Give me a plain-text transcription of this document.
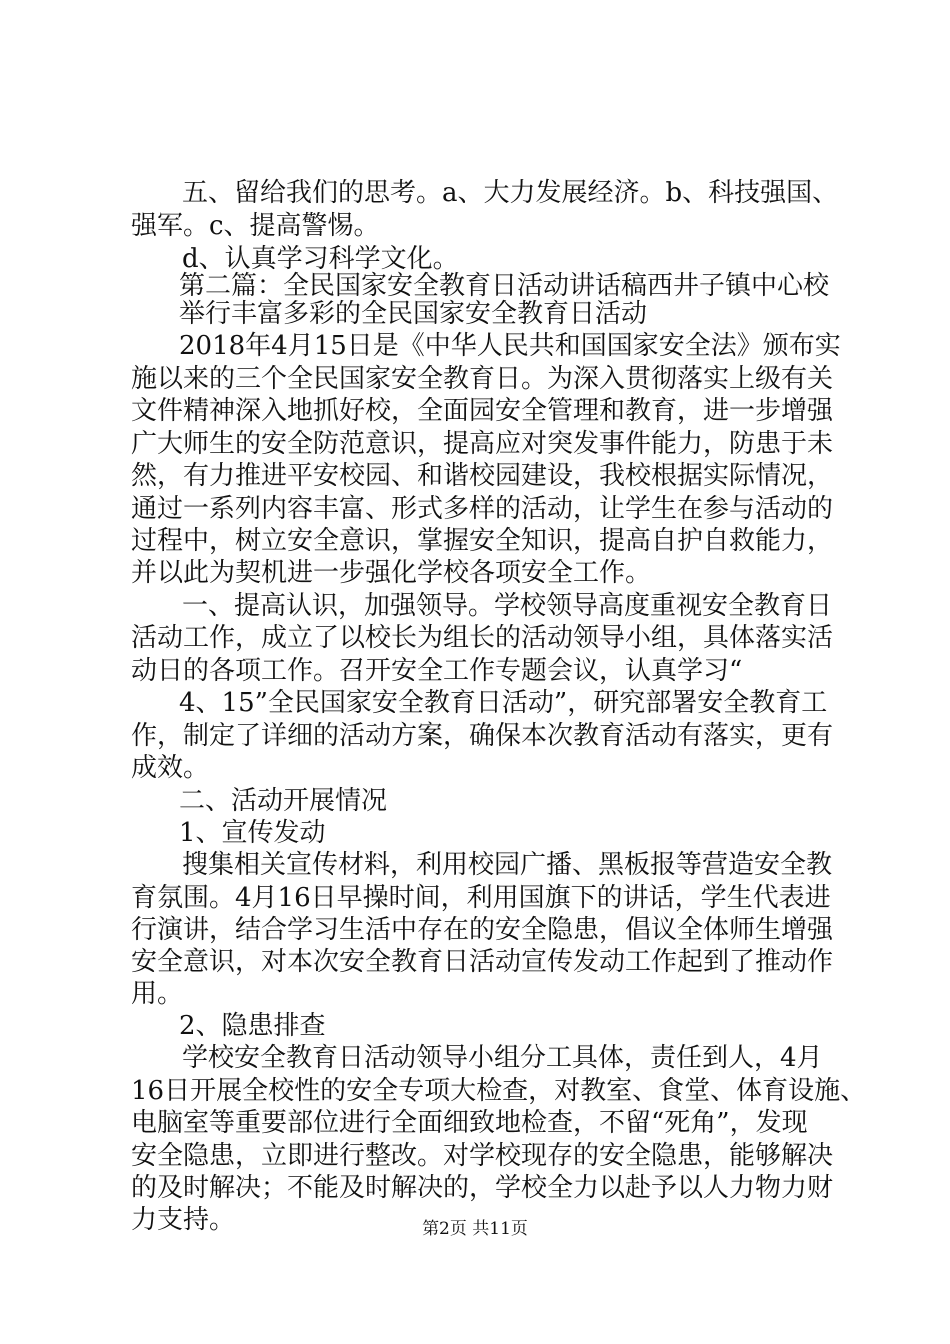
五、留给我们的思考。a、大力发展经济。b、科技强国、
强军。c、提高警惕。
d、认真学习科学文化。
第二篇：全民国家安全教育日活动讲话稿西井子镇中心校
举行丰富多彩的全民国家安全教育日活动
2018年4月15日是《中华人民共和国国家安全法》颁布实
施以来的三个全民国家安全教育日。为深入贯彻落实上级有关
文件精神深入地抓好校，全面园安全管理和教育，进一步增强
广大师生的安全防范意识，提高应对突发事件能力，防患于未
然，有力推进平安校园、和谐校园建设，我校根据实际情况，
通过一系列内容丰富、形式多样的活动，让学生在参与活动的
过程中，树立安全意识，掌握安全知识，提高自护自救能力，
并以此为契机进一步强化学校各项安全工作。
一、提高认识，加强领导。学校领导高度重视安全教育日
活动工作，成立了以校长为组长的活动领导小组，具体落实活
动日的各项工作。召开安全工作专题会议，认真学习“
4、15”全民国家安全教育日活动”，研究部署安全教育工
作，制定了详细的活动方案，确保本次教育活动有落实，更有
成效。
二、活动开展情况
1、宣传发动
搜集相关宣传材料，利用校园广播、黑板报等营造安全教
育氛围。4月16日早操时间，利用国旗下的讲话，学生代表进
行演讲，结合学习生活中存在的安全隐患，倡议全体师生增强
安全意识，对本次安全教育日活动宣传发动工作起到了推动作
用。
2、隐患排查
学校安全教育日活动领导小组分工具体，责任到人，4月
16日开展全校性的安全专项大检查，对教室、食堂、体育设施、
电脑室等重要部位进行全面细致地检查，不留“死角”，发现
安全隐患，立即进行整改。对学校现存的安全隐患，能够解决
的及时解决；不能及时解决的，学校全力以赴予以人力物力财
力支持。	第2页 共11页
